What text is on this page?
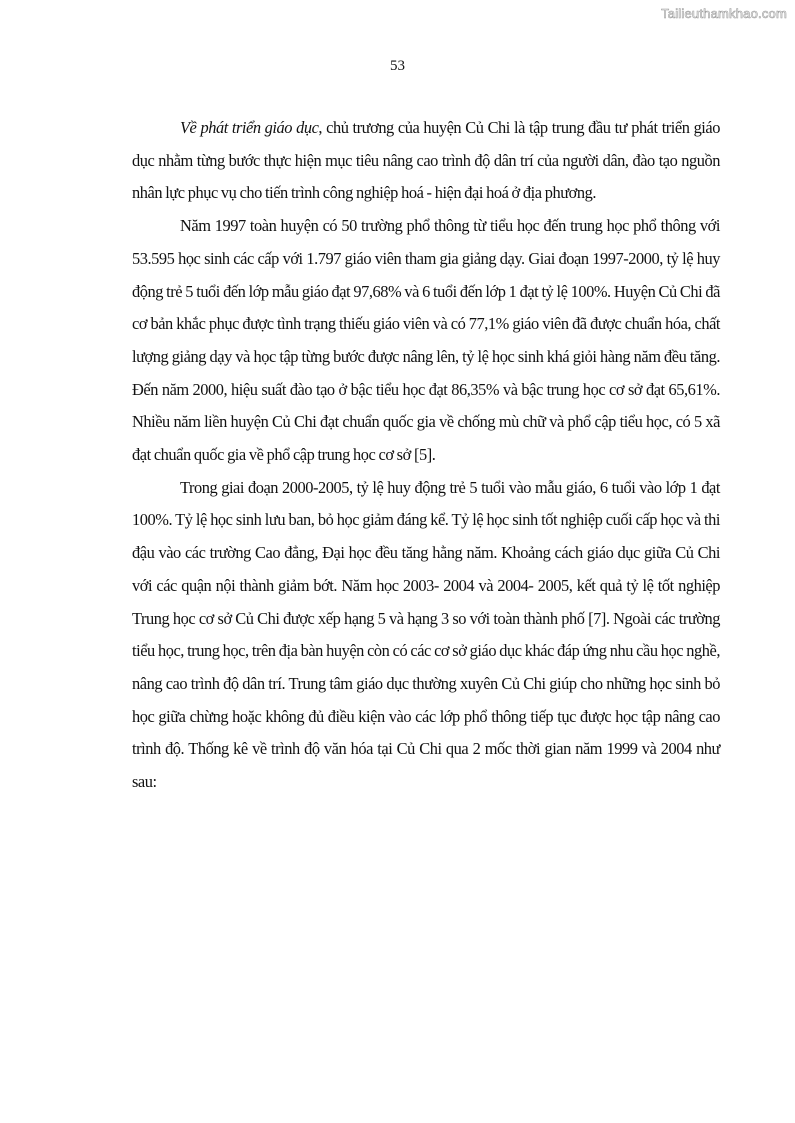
Tailieuthamkhao.com
53

Về phát triển giáo dục, chủ trương của huyện Củ Chi là tập trung đầu tư phát triển giáo dục nhằm từng bước thực hiện mục tiêu nâng cao trình độ dân trí của người dân, đào tạo nguồn nhân lực phục vụ cho tiến trình công nghiệp hoá - hiện đại hoá ở địa phương.

Năm 1997 toàn huyện có 50 trường phổ thông từ tiểu học đến trung học phổ thông với 53.595 học sinh các cấp với 1.797 giáo viên tham gia giảng dạy. Giai đoạn 1997-2000, tỷ lệ huy động trẻ 5 tuổi đến lớp mẫu giáo đạt 97,68% và 6 tuổi đến lớp 1 đạt tỷ lệ 100%. Huyện Củ Chi đã cơ bản khắc phục được tình trạng thiếu giáo viên và có 77,1% giáo viên đã được chuẩn hóa, chất lượng giảng dạy và học tập từng bước được nâng lên, tỷ lệ học sinh khá giỏi hàng năm đều tăng. Đến năm 2000, hiệu suất đào tạo ở bậc tiểu học đạt 86,35% và bậc trung học cơ sở đạt 65,61%. Nhiều năm liền huyện Củ Chi đạt chuẩn quốc gia về chống mù chữ và phổ cập tiểu học, có 5 xã đạt chuẩn quốc gia về phổ cập trung học cơ sở [5].

Trong giai đoạn 2000-2005, tỷ lệ huy động trẻ 5 tuổi vào mẫu giáo, 6 tuổi vào lớp 1 đạt 100%. Tỷ lệ học sinh lưu ban, bỏ học giảm đáng kể. Tỷ lệ học sinh tốt nghiệp cuối cấp học và thi đậu vào các trường Cao đẳng, Đại học đều tăng hằng năm. Khoảng cách giáo dục giữa Củ Chi với các quận nội thành giảm bớt. Năm học 2003- 2004 và 2004- 2005, kết quả tỷ lệ tốt nghiệp Trung học cơ sở Củ Chi được xếp hạng 5 và hạng 3 so với toàn thành phố [7]. Ngoài các trường tiểu học, trung học, trên địa bàn huyện còn có các cơ sở giáo dục khác đáp ứng nhu cầu học nghề, nâng cao trình độ dân trí. Trung tâm giáo dục thường xuyên Củ Chi giúp cho những học sinh bỏ học giữa chừng hoặc không đủ điều kiện vào các lớp phổ thông tiếp tục được học tập nâng cao trình độ. Thống kê về trình độ văn hóa tại Củ Chi qua 2 mốc thời gian năm 1999 và 2004 như sau:
